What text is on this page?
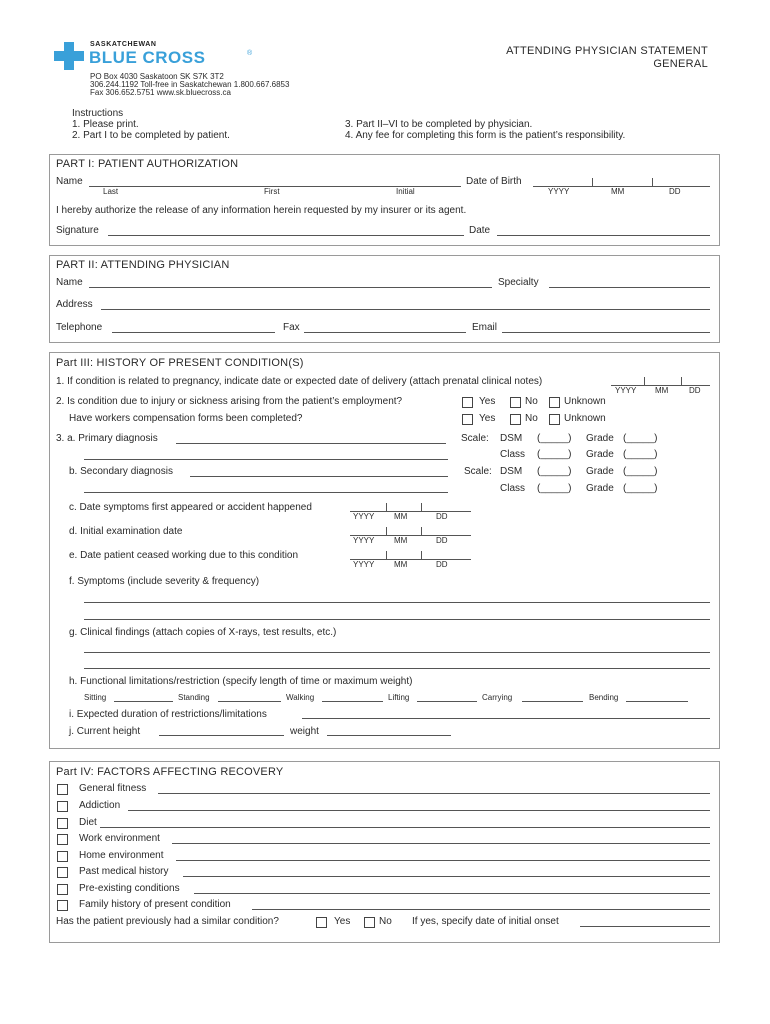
SASKATCHEWAN
BLUE CROSS	®	ATTENDING PHYSICIAN STATEMENT
GENERAL
PO Box 4030 Saskatoon SK S7K 3T2
306.244.1192 Toll-free in Saskatchewan 1.800.667.6853
Fax 306.652.5751 www.sk.bluecross.ca
Instructions
1. Please print.
2. Part I to be completed by patient.
3. Part II–VI to be completed by physician.
4. Any fee for completing this form is the patient’s responsibility.
PART I: PATIENT AUTHORIZATION
Name
Last	First	Initial
Date of Birth
YYYY	MM	DD
I hereby authorize the release of any information herein requested by my insurer or its agent.
Signature	Date
PART II: ATTENDING PHYSICIAN
Name	Specialty
Address
Telephone	Fax	Email
Part III: HISTORY OF PRESENT CONDITION(S)
1. If condition is related to pregnancy, indicate date or expected date of delivery (attach prenatal clinical notes)
YYYY MM	DD
2. Is condition due to injury or sickness arising from the patient’s employment?	Yes	No	Unknown
Have workers compensation forms been completed?	Yes	No	Unknown
3. a. Primary diagnosis	Scale: DSM (_____) Grade (_____)
Class (_____) Grade (_____)
b. Secondary diagnosis	Scale: DSM (_____) Grade (_____)
Class (_____) Grade (_____)
c. Date symptoms first appeared or accident happened
YYYY MM	DD
d. Initial examination date
YYYY MM	DD
e. Date patient ceased working due to this condition
YYYY MM	DD
f. Symptoms (include severity & frequency)
g. Clinical findings (attach copies of X-rays, test results, etc.)
h. Functional limitations/restriction (specify length of time or maximum weight)
Sitting	Standing	Walking	Lifting	Carrying	Bending
i. Expected duration of restrictions/limitations
j. Current height	weight
Part IV: FACTORS AFFECTING RECOVERY
General fitness
Addiction
Diet
Work environment
Home environment
Past medical history
Pre-existing conditions
Family history of present condition
Has the patient previously had a similar condition?	Yes	No If yes, specify date of initial onset
